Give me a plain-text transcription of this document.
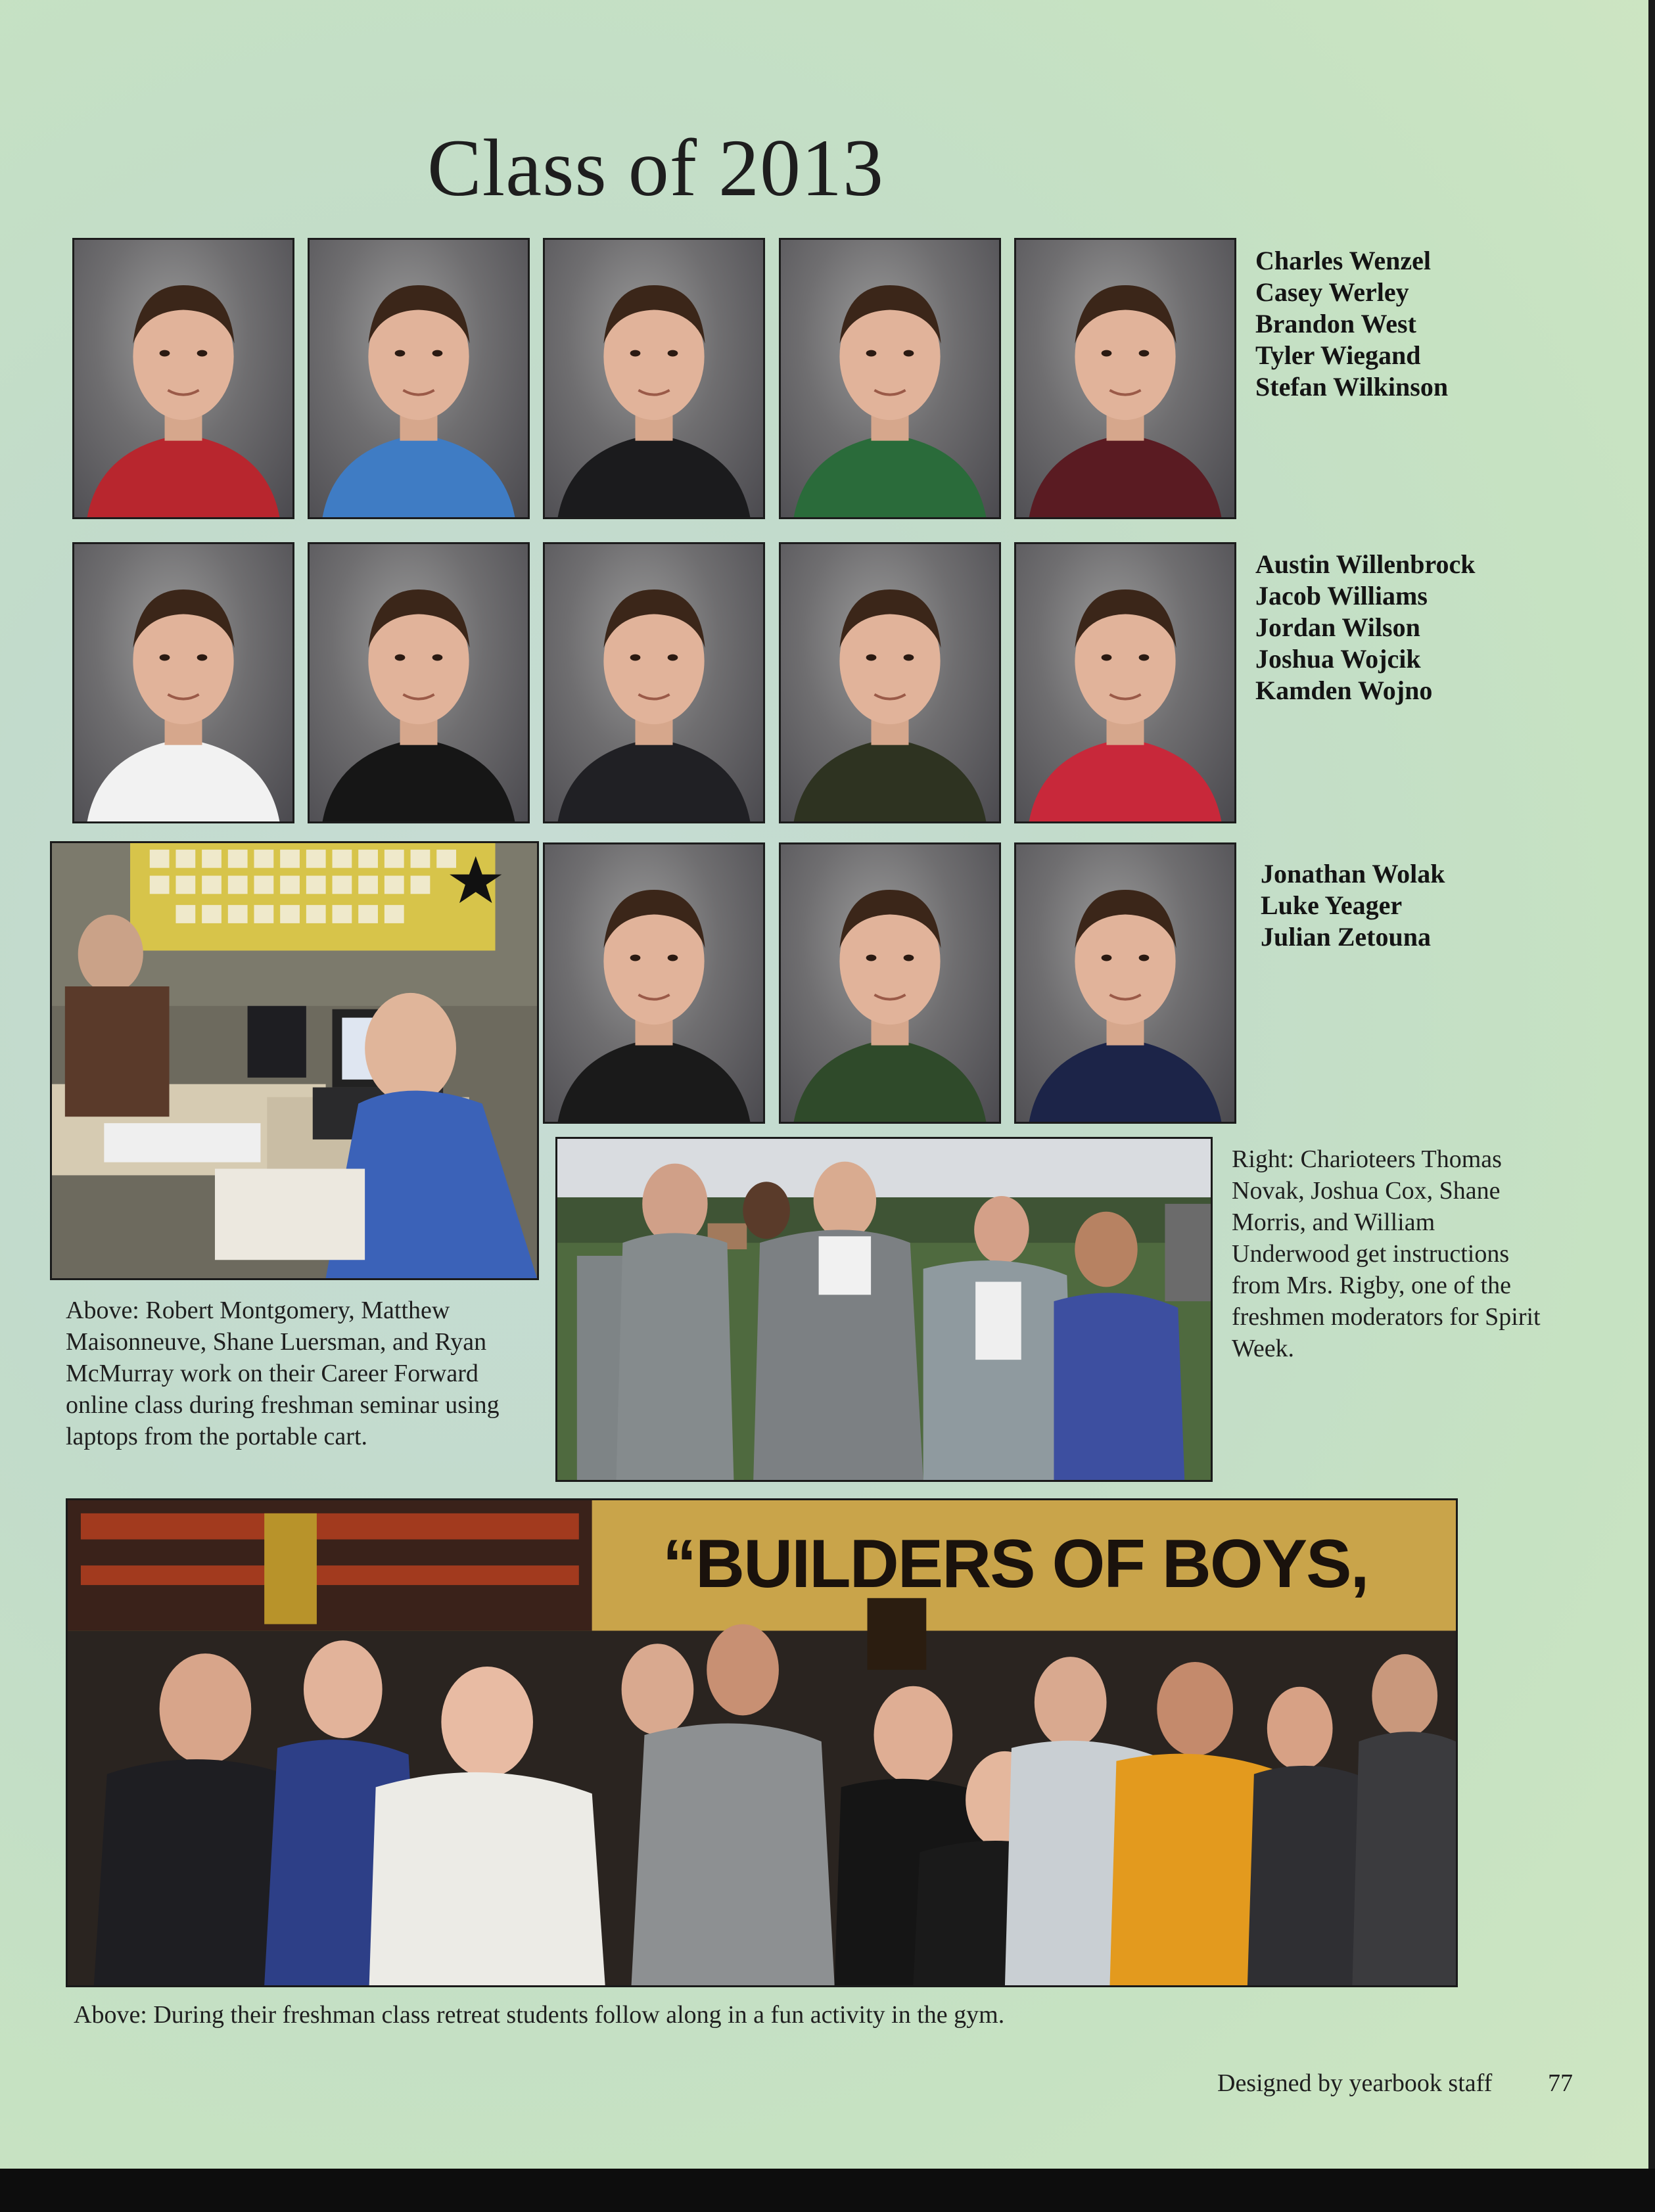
Class of 2013
Charles Wenzel
Casey Werley
Brandon West
Tyler Wiegand
Stefan Wilkinson
Austin Willenbrock
Jacob Williams
Jordan Wilson
Joshua Wojcik
Kamden Wojno
Jonathan Wolak
Luke Yeager
Julian Zetouna
Above: Robert Montgomery, Matthew Maisonneuve, Shane Luersman, and Ryan McMurray work on their Career Forward online class during freshman seminar using laptops from the portable cart.
Right: Charioteers Thomas Novak, Joshua Cox, Shane Morris, and William Underwood get instructions from Mrs. Rigby, one of the freshmen moderators for Spirit Week.
“BUILDERS OF BOYS,
Above: During their freshman class retreat students follow along in a fun activity in the gym.
Designed by yearbook staff 77
